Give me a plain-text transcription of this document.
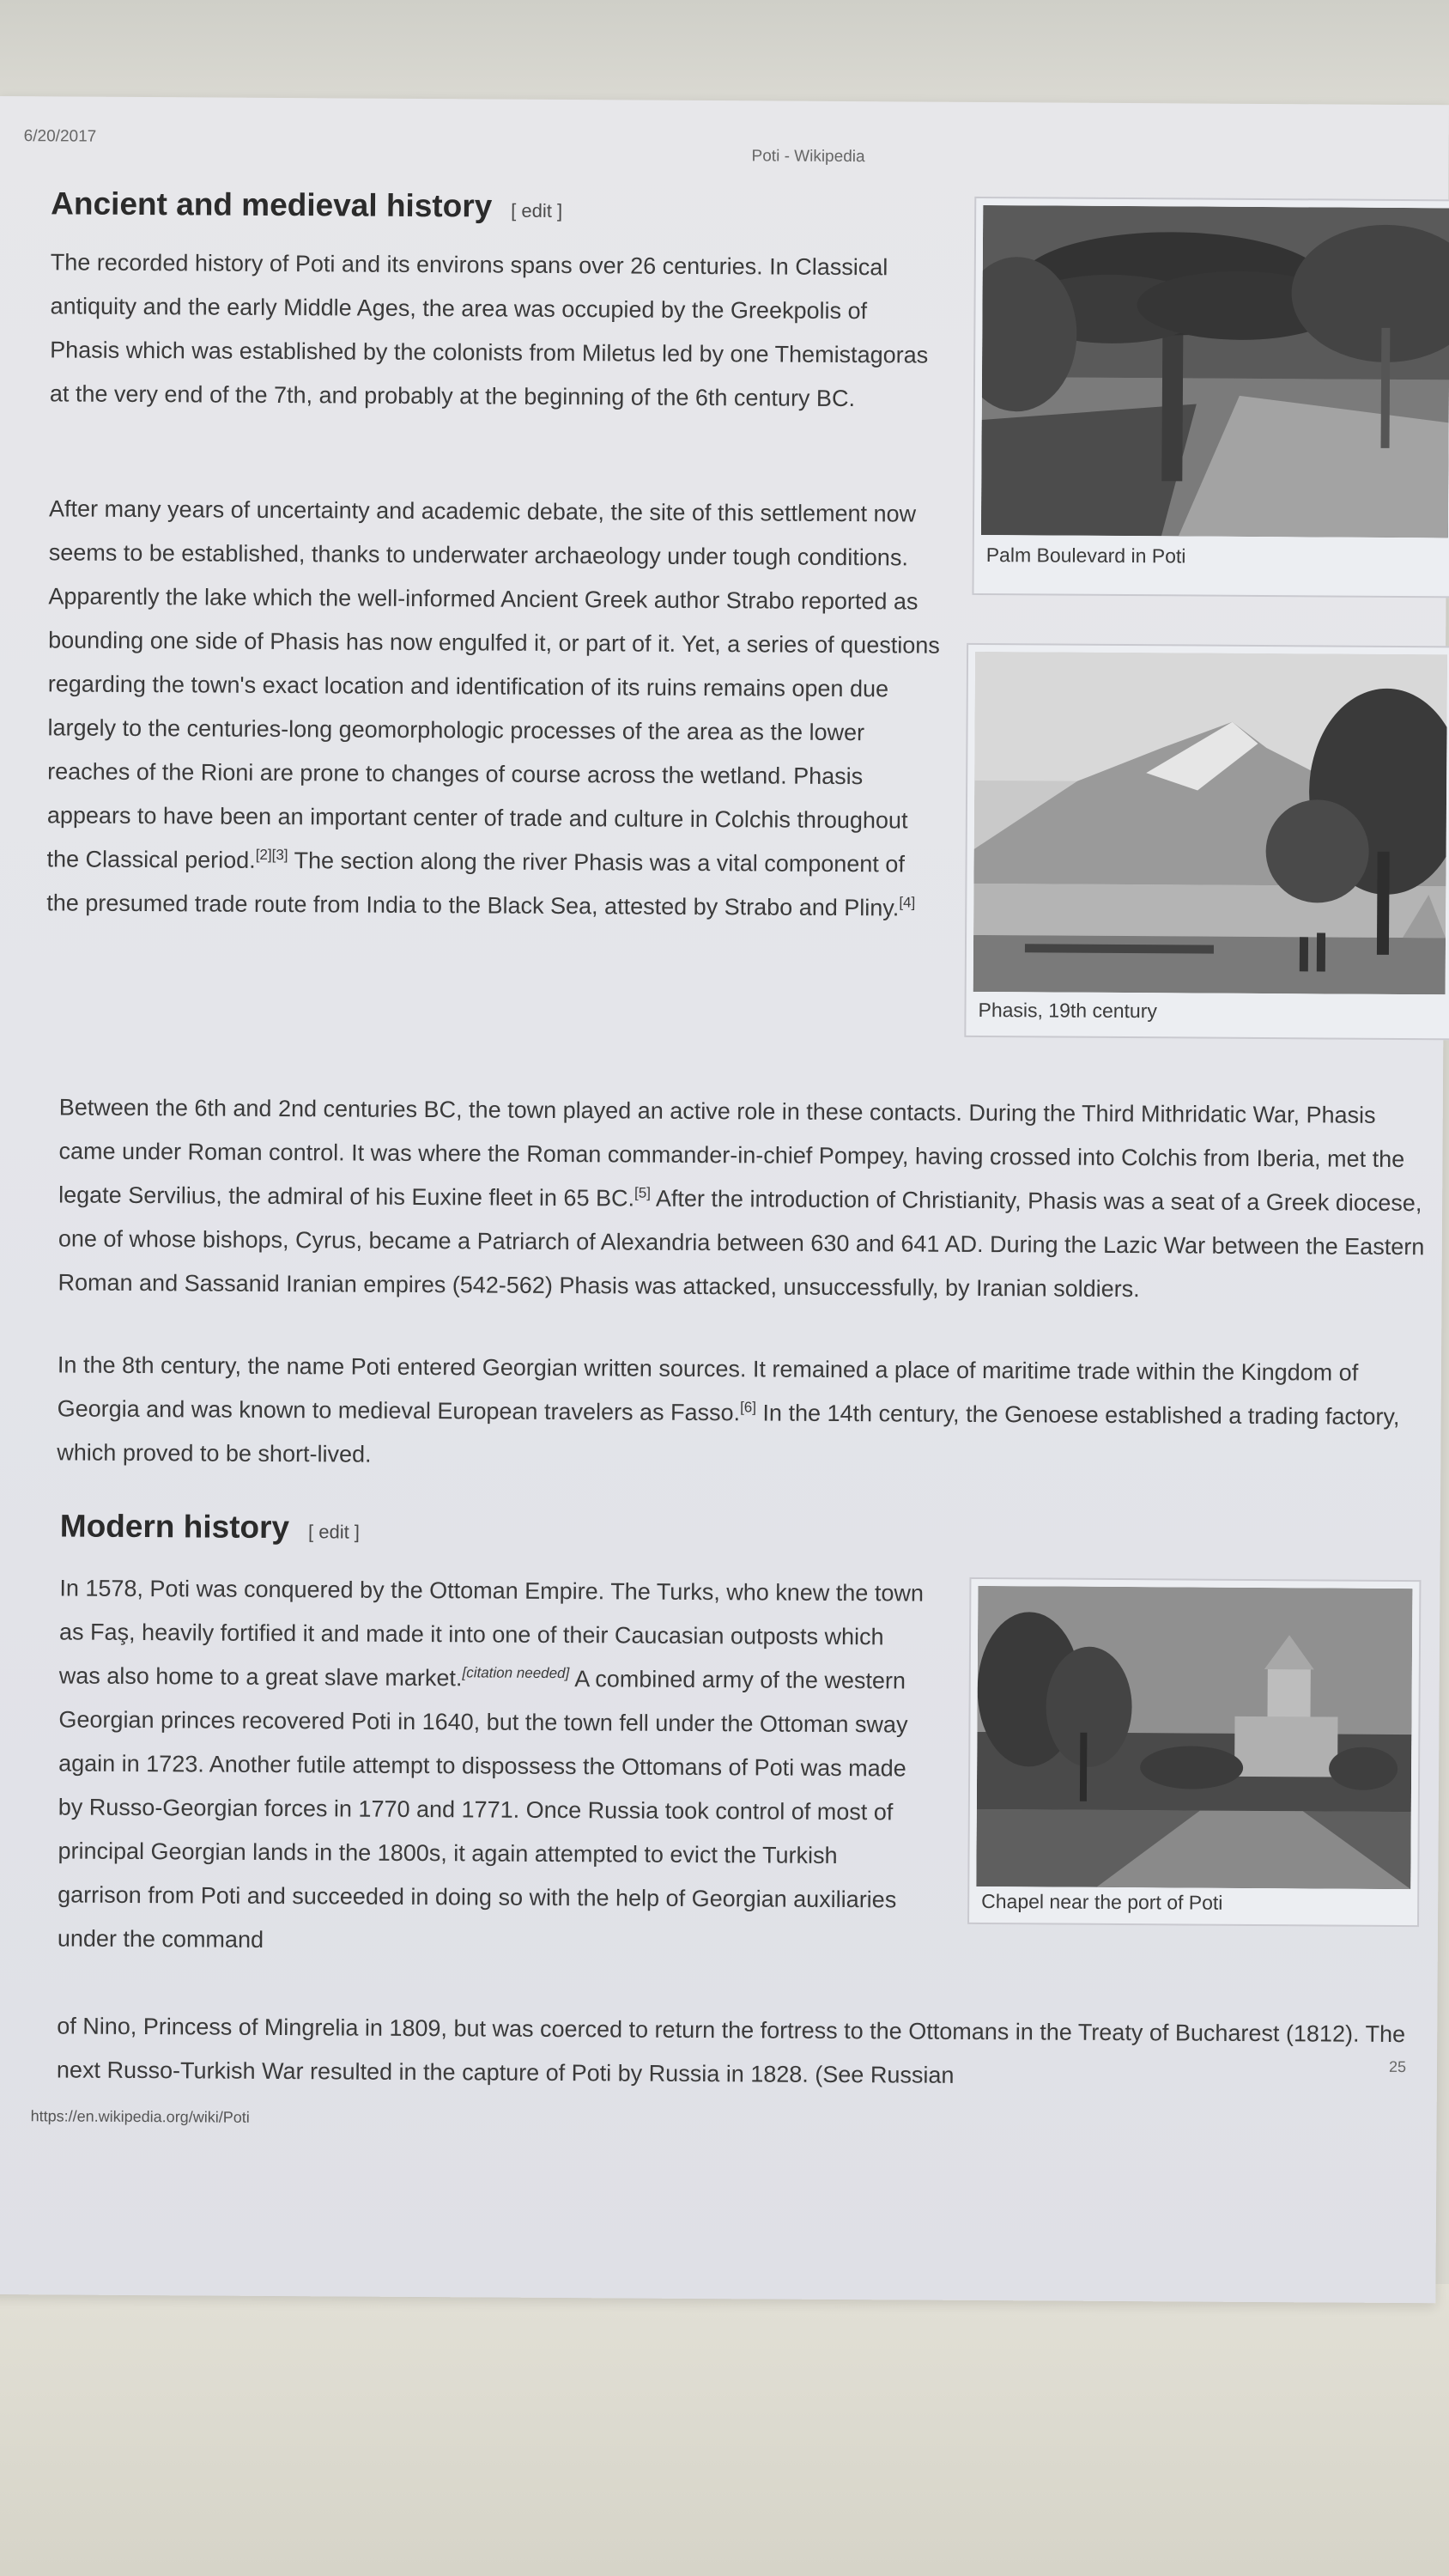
6/20/2017
Poti - Wikipedia
Ancient and medieval history [ edit ]
The recorded history of Poti and its environs spans over 26 centuries. In Classical antiquity and the early Middle Ages, the area was occupied by the Greekpolis of Phasis which was established by the colonists from Miletus led by one Themistagoras at the very end of the 7th, and probably at the beginning of the 6th century BC.
After many years of uncertainty and academic debate, the site of this settlement now seems to be established, thanks to underwater archaeology under tough conditions. Apparently the lake which the well-informed Ancient Greek author Strabo reported as bounding one side of Phasis has now engulfed it, or part of it. Yet, a series of questions regarding the town's exact location and identification of its ruins remains open due largely to the centuries-long geomorphologic processes of the area as the lower reaches of the Rioni are prone to changes of course across the wetland. Phasis appears to have been an important center of trade and culture in Colchis throughout the Classical period.[2][3] The section along the river Phasis was a vital component of the presumed trade route from India to the Black Sea, attested by Strabo and Pliny.[4]
Between the 6th and 2nd centuries BC, the town played an active role in these contacts. During the Third Mithridatic War, Phasis came under Roman control. It was where the Roman commander-in-chief Pompey, having crossed into Colchis from Iberia, met the legate Servilius, the admiral of his Euxine fleet in 65 BC.[5] After the introduction of Christianity, Phasis was a seat of a Greek diocese, one of whose bishops, Cyrus, became a Patriarch of Alexandria between 630 and 641 AD. During the Lazic War between the Eastern Roman and Sassanid Iranian empires (542-562) Phasis was attacked, unsuccessfully, by Iranian soldiers.
In the 8th century, the name Poti entered Georgian written sources. It remained a place of maritime trade within the Kingdom of Georgia and was known to medieval European travelers as Fasso.[6] In the 14th century, the Genoese established a trading factory, which proved to be short-lived.
Modern history [ edit ]
In 1578, Poti was conquered by the Ottoman Empire. The Turks, who knew the town as Faş, heavily fortified it and made it into one of their Caucasian outposts which was also home to a great slave market.[citation needed] A combined army of the western Georgian princes recovered Poti in 1640, but the town fell under the Ottoman sway again in 1723. Another futile attempt to dispossess the Ottomans of Poti was made by Russo-Georgian forces in 1770 and 1771. Once Russia took control of most of principal Georgian lands in the 1800s, it again attempted to evict the Turkish garrison from Poti and succeeded in doing so with the help of Georgian auxiliaries under the command
of Nino, Princess of Mingrelia in 1809, but was coerced to return the fortress to the Ottomans in the Treaty of Bucharest (1812). The next Russo-Turkish War resulted in the capture of Poti by Russia in 1828. (See Russian
Palm Boulevard in Poti
Phasis, 19th century
Chapel near the port of Poti
25
https://en.wikipedia.org/wiki/Poti
